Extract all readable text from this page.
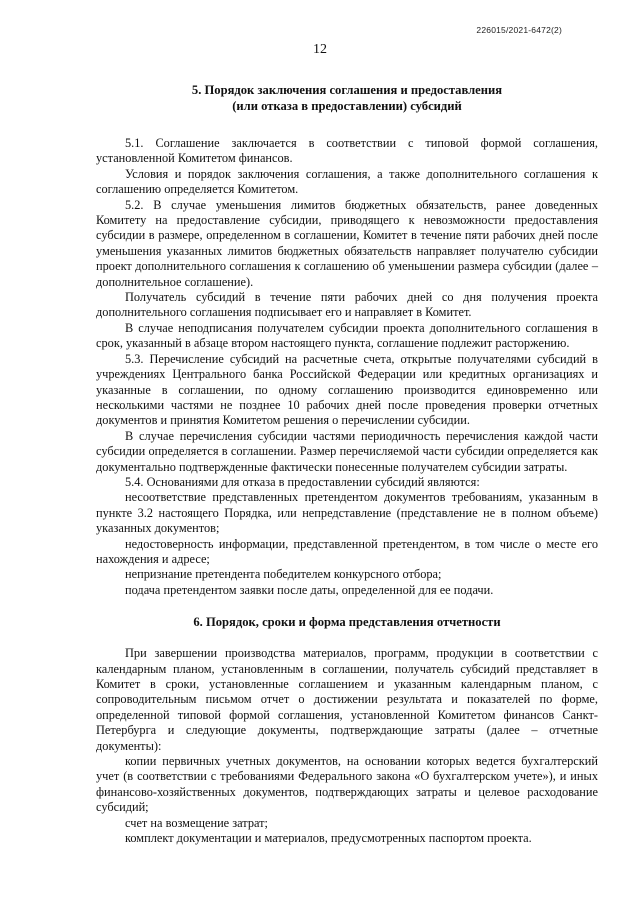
226015/2021-6472(2)
12
5. Порядок заключения соглашения и предоставления
(или отказа в предоставлении) субсидий

5.1. Соглашение заключается в соответствии с типовой формой соглашения, установленной Комитетом финансов.

Условия и порядок заключения соглашения, а также дополнительного соглашения к соглашению определяется Комитетом.

5.2. В случае уменьшения лимитов бюджетных обязательств, ранее доведенных Комитету на предоставление субсидии, приводящего к невозможности предоставления субсидии в размере, определенном в соглашении, Комитет в течение пяти рабочих дней после уменьшения указанных лимитов бюджетных обязательств направляет получателю субсидии проект дополнительного соглашения к соглашению об уменьшении размера субсидии (далее – дополнительное соглашение).

Получатель субсидий в течение пяти рабочих дней со дня получения проекта дополнительного соглашения подписывает его и направляет в Комитет.

В случае неподписания получателем субсидии проекта дополнительного соглашения в срок, указанный в абзаце втором настоящего пункта, соглашение подлежит расторжению.

5.3. Перечисление субсидий на расчетные счета, открытые получателями субсидий в учреждениях Центрального банка Российской Федерации или кредитных организациях и указанные в соглашении, по одному соглашению производится единовременно или несколькими частями не позднее 10 рабочих дней после проведения проверки отчетных документов и принятия Комитетом решения о перечислении субсидии.

В случае перечисления субсидии частями периодичность перечисления каждой части субсидии определяется в соглашении. Размер перечисляемой части субсидии определяется как документально подтвержденные фактически понесенные получателем субсидии затраты.

5.4. Основаниями для отказа в предоставлении субсидий являются:

несоответствие представленных претендентом документов требованиям, указанным в пункте 3.2 настоящего Порядка, или непредставление (представление не в полном объеме) указанных документов;

недостоверность информации, представленной претендентом, в том числе о месте его нахождения и адресе;

непризнание претендента победителем конкурсного отбора;

подача претендентом заявки после даты, определенной для ее подачи.

6. Порядок, сроки и форма представления отчетности

При завершении производства материалов, программ, продукции в соответствии с календарным планом, установленным в соглашении, получатель субсидий представляет в Комитет в сроки, установленные соглашением и указанным календарным планом, с сопроводительным письмом отчет о достижении результата и показателей по форме, определенной типовой формой соглашения, установленной Комитетом финансов Санкт-Петербурга и следующие документы, подтверждающие затраты (далее – отчетные документы):

копии первичных учетных документов, на основании которых ведется бухгалтерский учет (в соответствии с требованиями Федерального закона «О бухгалтерском учете»), и иных финансово-хозяйственных документов, подтверждающих затраты и целевое расходование субсидий;

счет на возмещение затрат;

комплект документации и материалов, предусмотренных паспортом проекта.
